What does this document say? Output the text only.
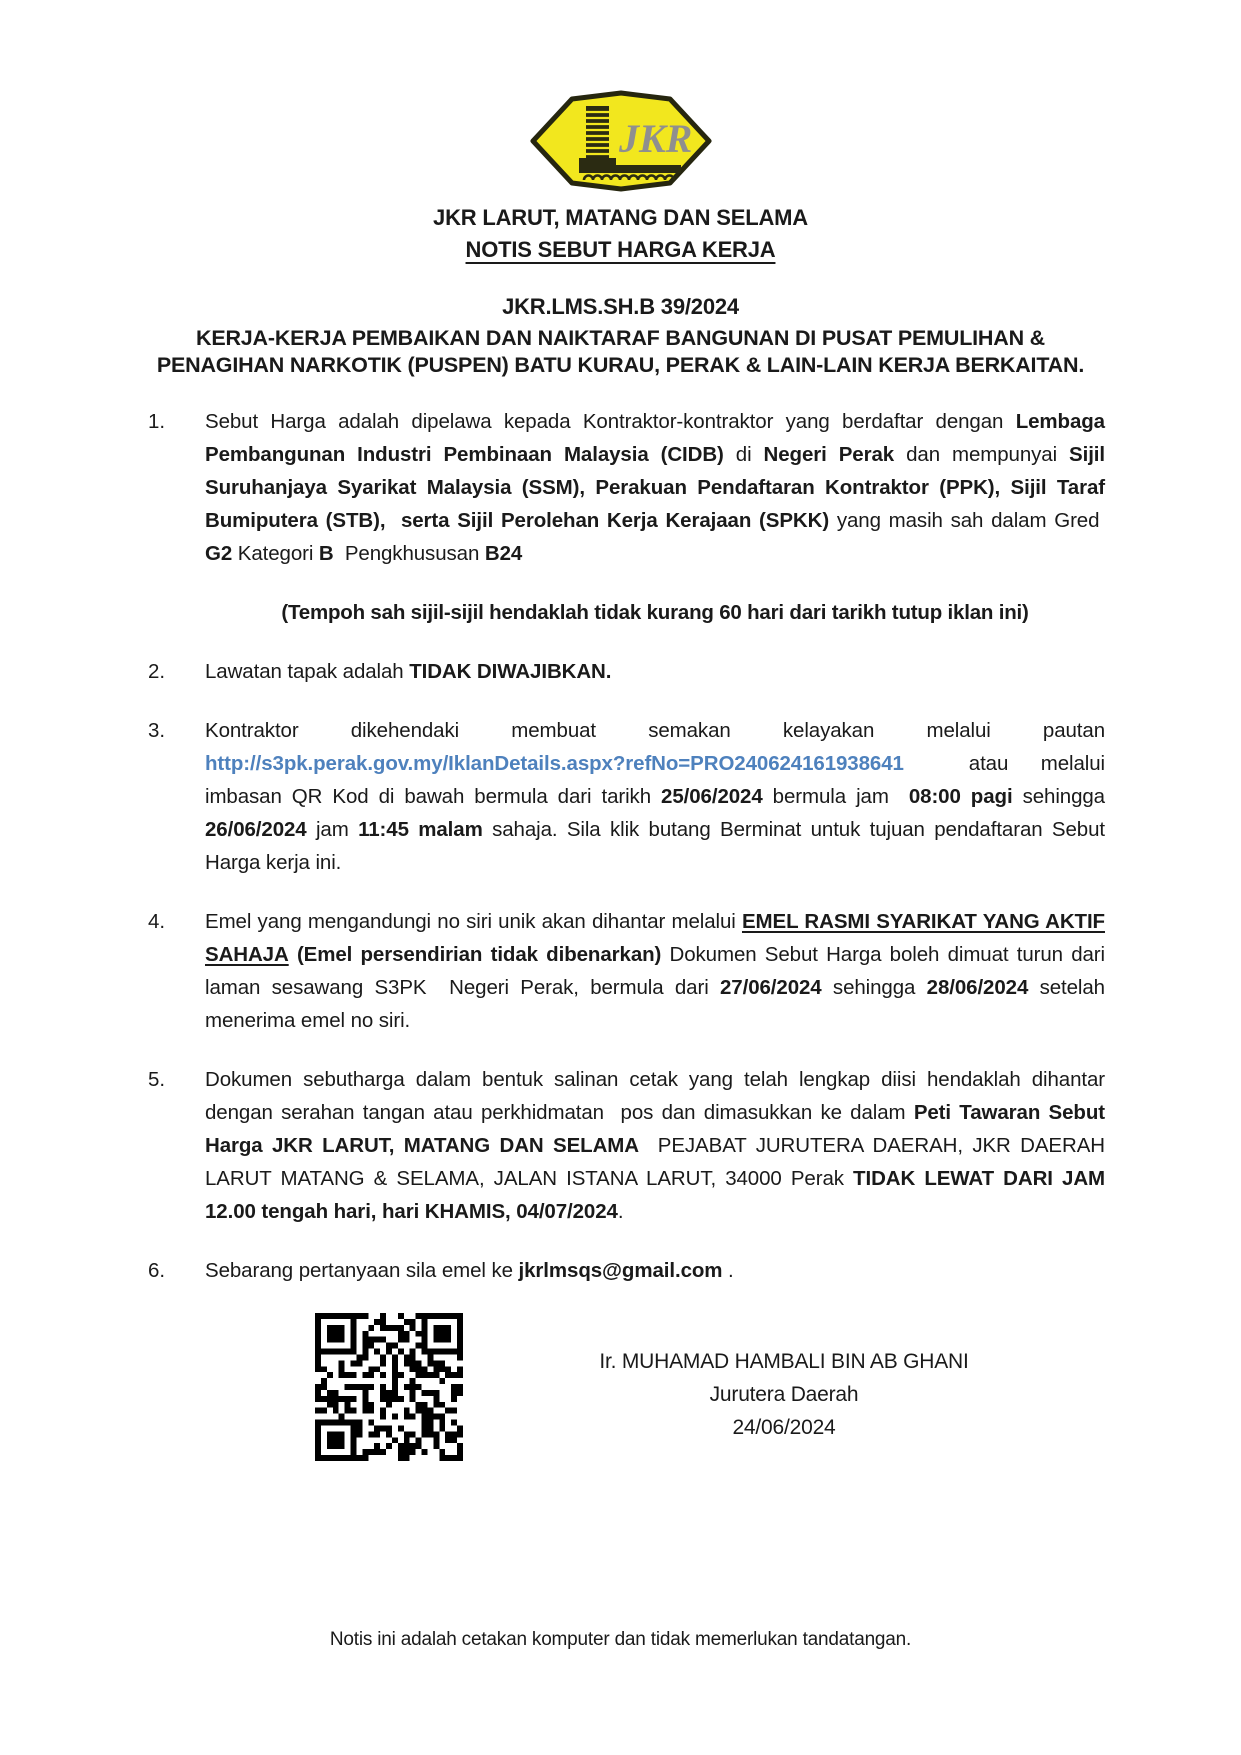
JKR
JKR LARUT, MATANG DAN SELAMA
NOTIS SEBUT HARGA KERJA
JKR.LMS.SH.B 39/2024
KERJA-KERJA PEMBAIKAN DAN NAIKTARAF BANGUNAN DI PUSAT PEMULIHAN &
PENAGIHAN NARKOTIK (PUSPEN) BATU KURAU, PERAK & LAIN-LAIN KERJA BERKAITAN.
1.	Sebut Harga adalah dipelawa kepada Kontraktor-kontraktor yang berdaftar dengan Lembaga Pembangunan Industri Pembinaan Malaysia (CIDB) di Negeri Perak dan mempunyai Sijil Suruhanjaya Syarikat Malaysia (SSM), Perakuan Pendaftaran Kontraktor (PPK), Sijil Taraf Bumiputera (STB),  serta Sijil Perolehan Kerja Kerajaan (SPKK) yang masih sah dalam Gred  G2 Kategori B  Pengkhususan B24
(Tempoh sah sijil-sijil hendaklah tidak kurang 60 hari dari tarikh tutup iklan ini)
2.	Lawatan tapak adalah TIDAK DIWAJIBKAN.
3.	Kontraktor dikehendaki membuat semakan kelayakan melalui pautan http://s3pk.perak.gov.my/IklanDetails.aspx?refNo=PRO240624161938641  atau melalui imbasan QR Kod di bawah bermula dari tarikh 25/06/2024 bermula jam  08:00 pagi sehingga 26/06/2024 jam 11:45 malam sahaja. Sila klik butang Berminat untuk tujuan pendaftaran Sebut Harga kerja ini.
4.	Emel yang mengandungi no siri unik akan dihantar melalui EMEL RASMI SYARIKAT YANG AKTIF SAHAJA (Emel persendirian tidak dibenarkan) Dokumen Sebut Harga boleh dimuat turun dari laman sesawang S3PK  Negeri Perak, bermula dari 27/06/2024 sehingga 28/06/2024 setelah menerima emel no siri.
5.	Dokumen sebutharga dalam bentuk salinan cetak yang telah lengkap diisi hendaklah dihantar dengan serahan tangan atau perkhidmatan  pos dan dimasukkan ke dalam Peti Tawaran Sebut Harga JKR LARUT, MATANG DAN SELAMA  PEJABAT JURUTERA DAERAH, JKR DAERAH LARUT MATANG & SELAMA, JALAN ISTANA LARUT, 34000 Perak TIDAK LEWAT DARI JAM 12.00 tengah hari, hari KHAMIS, 04/07/2024.
6.	Sebarang pertanyaan sila emel ke jkrlmsqs@gmail.com .
Ir. MUHAMAD HAMBALI BIN AB GHANI
Jurutera Daerah
24/06/2024
Notis ini adalah cetakan komputer dan tidak memerlukan tandatangan.
